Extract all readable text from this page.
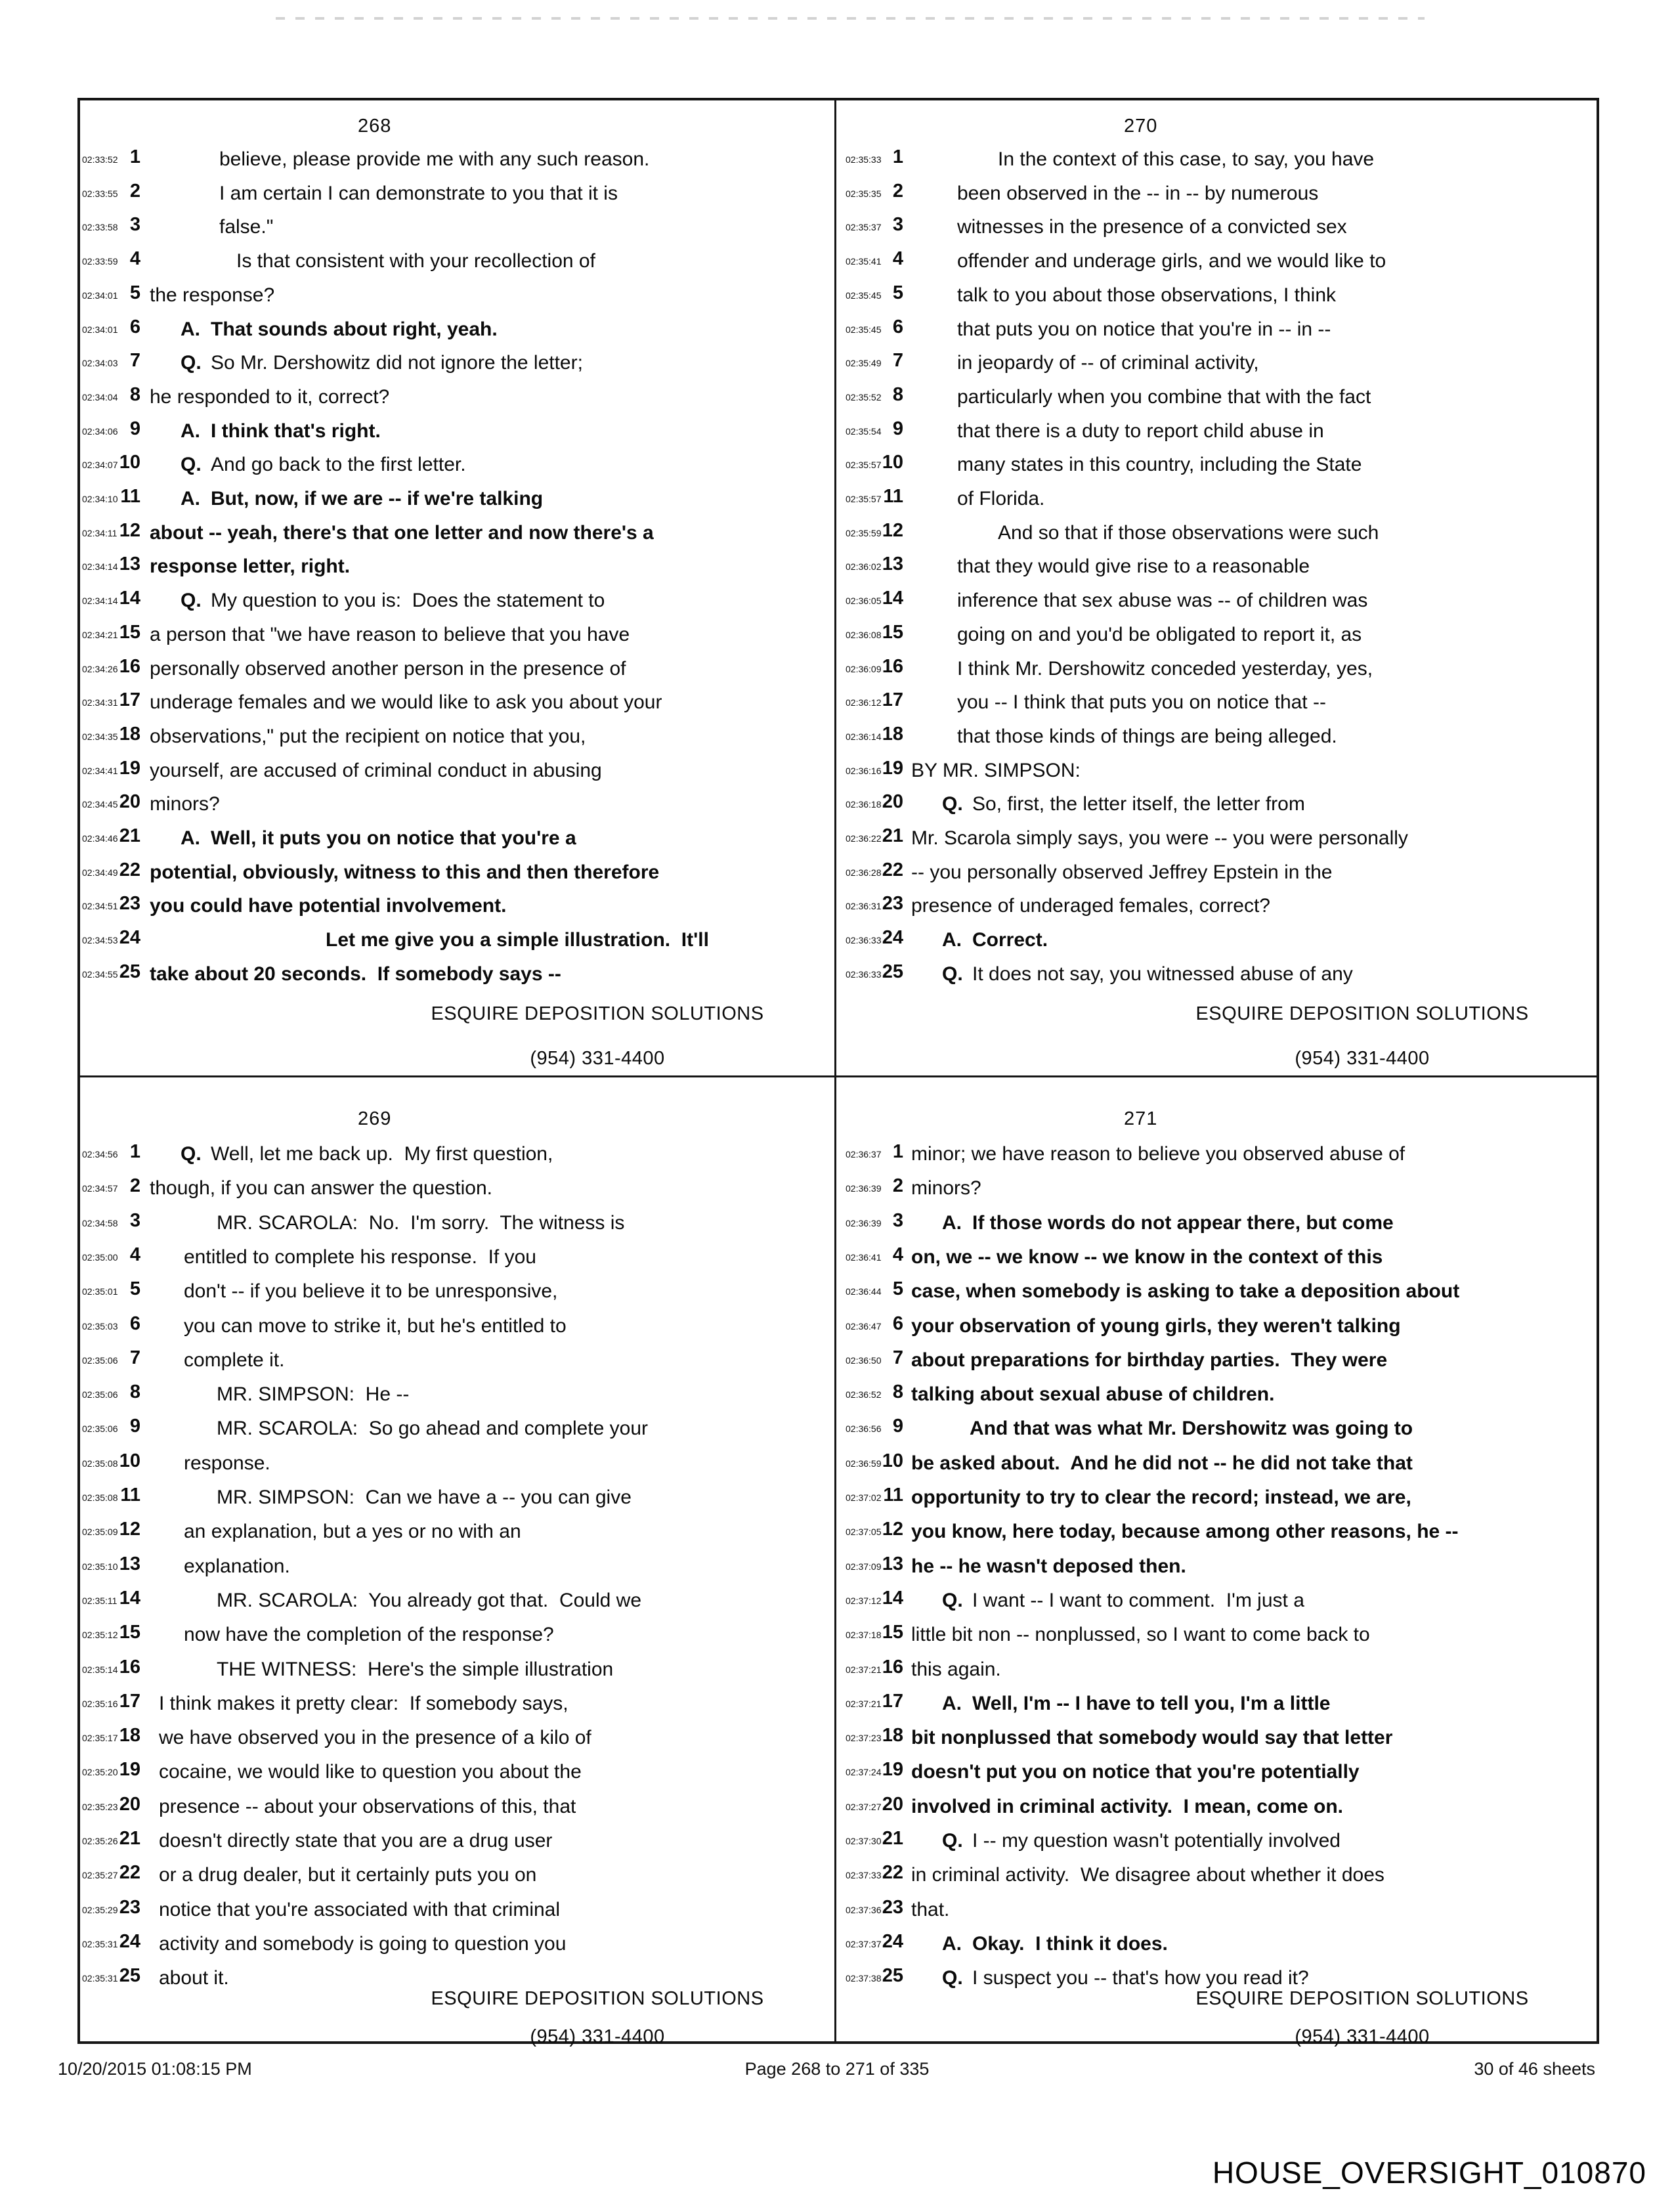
268
02:33:52 1	believe, please provide me with any such reason.
02:33:55 2	I am certain I can demonstrate to you that it is
02:33:58 3	false."
02:33:59 4	Is that consistent with your recollection of
02:34:01 5 the response?
02:34:01 6 A. That sounds about right, yeah.
02:34:03 7 Q. So Mr. Dershowitz did not ignore the letter;
02:34:04 8 he responded to it, correct?
02:34:06 9 A. I think that's right.
02:34:07 10 Q. And go back to the first letter.
02:34:10 11 A. But, now, if we are -- if we're talking
02:34:11 12 about -- yeah, there's that one letter and now there's a
02:34:14 13 response letter, right.
02:34:14 14 Q. My question to you is:  Does the statement to
02:34:21 15 a person that "we have reason to believe that you have
02:34:26 16 personally observed another person in the presence of
02:34:31 17 underage females and we would like to ask you about your
02:34:35 18 observations," put the recipient on notice that you,
02:34:41 19 yourself, are accused of criminal conduct in abusing
02:34:45 20 minors?
02:34:46 21 A. Well, it puts you on notice that you're a
02:34:49 22 potential, obviously, witness to this and then therefore
02:34:51 23 you could have potential involvement.
02:34:53 24	Let me give you a simple illustration.  It'll
02:34:55 25 take about 20 seconds.  If somebody says --
ESQUIRE DEPOSITION SOLUTIONS
(954) 331-4400
270
02:35:33 1	In the context of this case, to say, you have
02:35:35 2	been observed in the -- in -- by numerous
02:35:37 3	witnesses in the presence of a convicted sex
02:35:41 4	offender and underage girls, and we would like to
02:35:45 5	talk to you about those observations, I think
02:35:45 6	that puts you on notice that you're in -- in --
02:35:49 7	in jeopardy of -- of criminal activity,
02:35:52 8	particularly when you combine that with the fact
02:35:54 9	that there is a duty to report child abuse in
02:35:57 10	many states in this country, including the State
02:35:57 11	of Florida.
02:35:59 12	And so that if those observations were such
02:36:02 13	that they would give rise to a reasonable
02:36:05 14	inference that sex abuse was -- of children was
02:36:08 15	going on and you'd be obligated to report it, as
02:36:09 16	I think Mr. Dershowitz conceded yesterday, yes,
02:36:12 17	you -- I think that puts you on notice that --
02:36:14 18	that those kinds of things are being alleged.
02:36:16 19 BY MR. SIMPSON:
02:36:18 20 Q. So, first, the letter itself, the letter from
02:36:22 21 Mr. Scarola simply says, you were -- you were personally
02:36:28 22 -- you personally observed Jeffrey Epstein in the
02:36:31 23 presence of underaged females, correct?
02:36:33 24 A. Correct.
02:36:33 25 Q. It does not say, you witnessed abuse of any
ESQUIRE DEPOSITION SOLUTIONS
(954) 331-4400
269
02:34:56 1 Q. Well, let me back up.  My first question,
02:34:57 2 though, if you can answer the question.
02:34:58 3	MR. SCAROLA:  No.  I'm sorry.  The witness is
02:35:00 4 entitled to complete his response.  If you
02:35:01 5 don't -- if you believe it to be unresponsive,
02:35:03 6 you can move to strike it, but he's entitled to
02:35:06 7 complete it.
02:35:06 8	MR. SIMPSON:  He --
02:35:06 9	MR. SCAROLA:  So go ahead and complete your
02:35:08 10 response.
02:35:08 11	MR. SIMPSON:  Can we have a -- you can give
02:35:09 12 an explanation, but a yes or no with an
02:35:10 13 explanation.
02:35:11 14	MR. SCAROLA:  You already got that.  Could we
02:35:12 15 now have the completion of the response?
02:35:14 16	THE WITNESS:  Here's the simple illustration
02:35:16 17 I think makes it pretty clear:  If somebody says,
02:35:17 18 we have observed you in the presence of a kilo of
02:35:20 19 cocaine, we would like to question you about the
02:35:23 20 presence -- about your observations of this, that
02:35:26 21 doesn't directly state that you are a drug user
02:35:27 22 or a drug dealer, but it certainly puts you on
02:35:29 23 notice that you're associated with that criminal
02:35:31 24 activity and somebody is going to question you
02:35:31 25 about it.
ESQUIRE DEPOSITION SOLUTIONS
(954) 331-4400
271
02:36:37 1 minor; we have reason to believe you observed abuse of
02:36:39 2 minors?
02:36:39 3 A. If those words do not appear there, but come
02:36:41 4 on, we -- we know -- we know in the context of this
02:36:44 5 case, when somebody is asking to take a deposition about
02:36:47 6 your observation of young girls, they weren't talking
02:36:50 7 about preparations for birthday parties.  They were
02:36:52 8 talking about sexual abuse of children.
02:36:56 9	And that was what Mr. Dershowitz was going to
02:36:59 10 be asked about.  And he did not -- he did not take that
02:37:02 11 opportunity to try to clear the record; instead, we are,
02:37:05 12 you know, here today, because among other reasons, he --
02:37:09 13 he -- he wasn't deposed then.
02:37:12 14 Q. I want -- I want to comment.  I'm just a
02:37:18 15 little bit non -- nonplussed, so I want to come back to
02:37:21 16 this again.
02:37:21 17 A. Well, I'm -- I have to tell you, I'm a little
02:37:23 18 bit nonplussed that somebody would say that letter
02:37:24 19 doesn't put you on notice that you're potentially
02:37:27 20 involved in criminal activity.  I mean, come on.
02:37:30 21 Q. I -- my question wasn't potentially involved
02:37:33 22 in criminal activity.  We disagree about whether it does
02:37:36 23 that.
02:37:37 24 A. Okay.  I think it does.
02:37:38 25 Q. I suspect you -- that's how you read it?
ESQUIRE DEPOSITION SOLUTIONS
(954) 331-4400
10/20/2015 01:08:15 PM	Page 268 to 271 of 335	30 of 46 sheets
HOUSE_OVERSIGHT_010870
